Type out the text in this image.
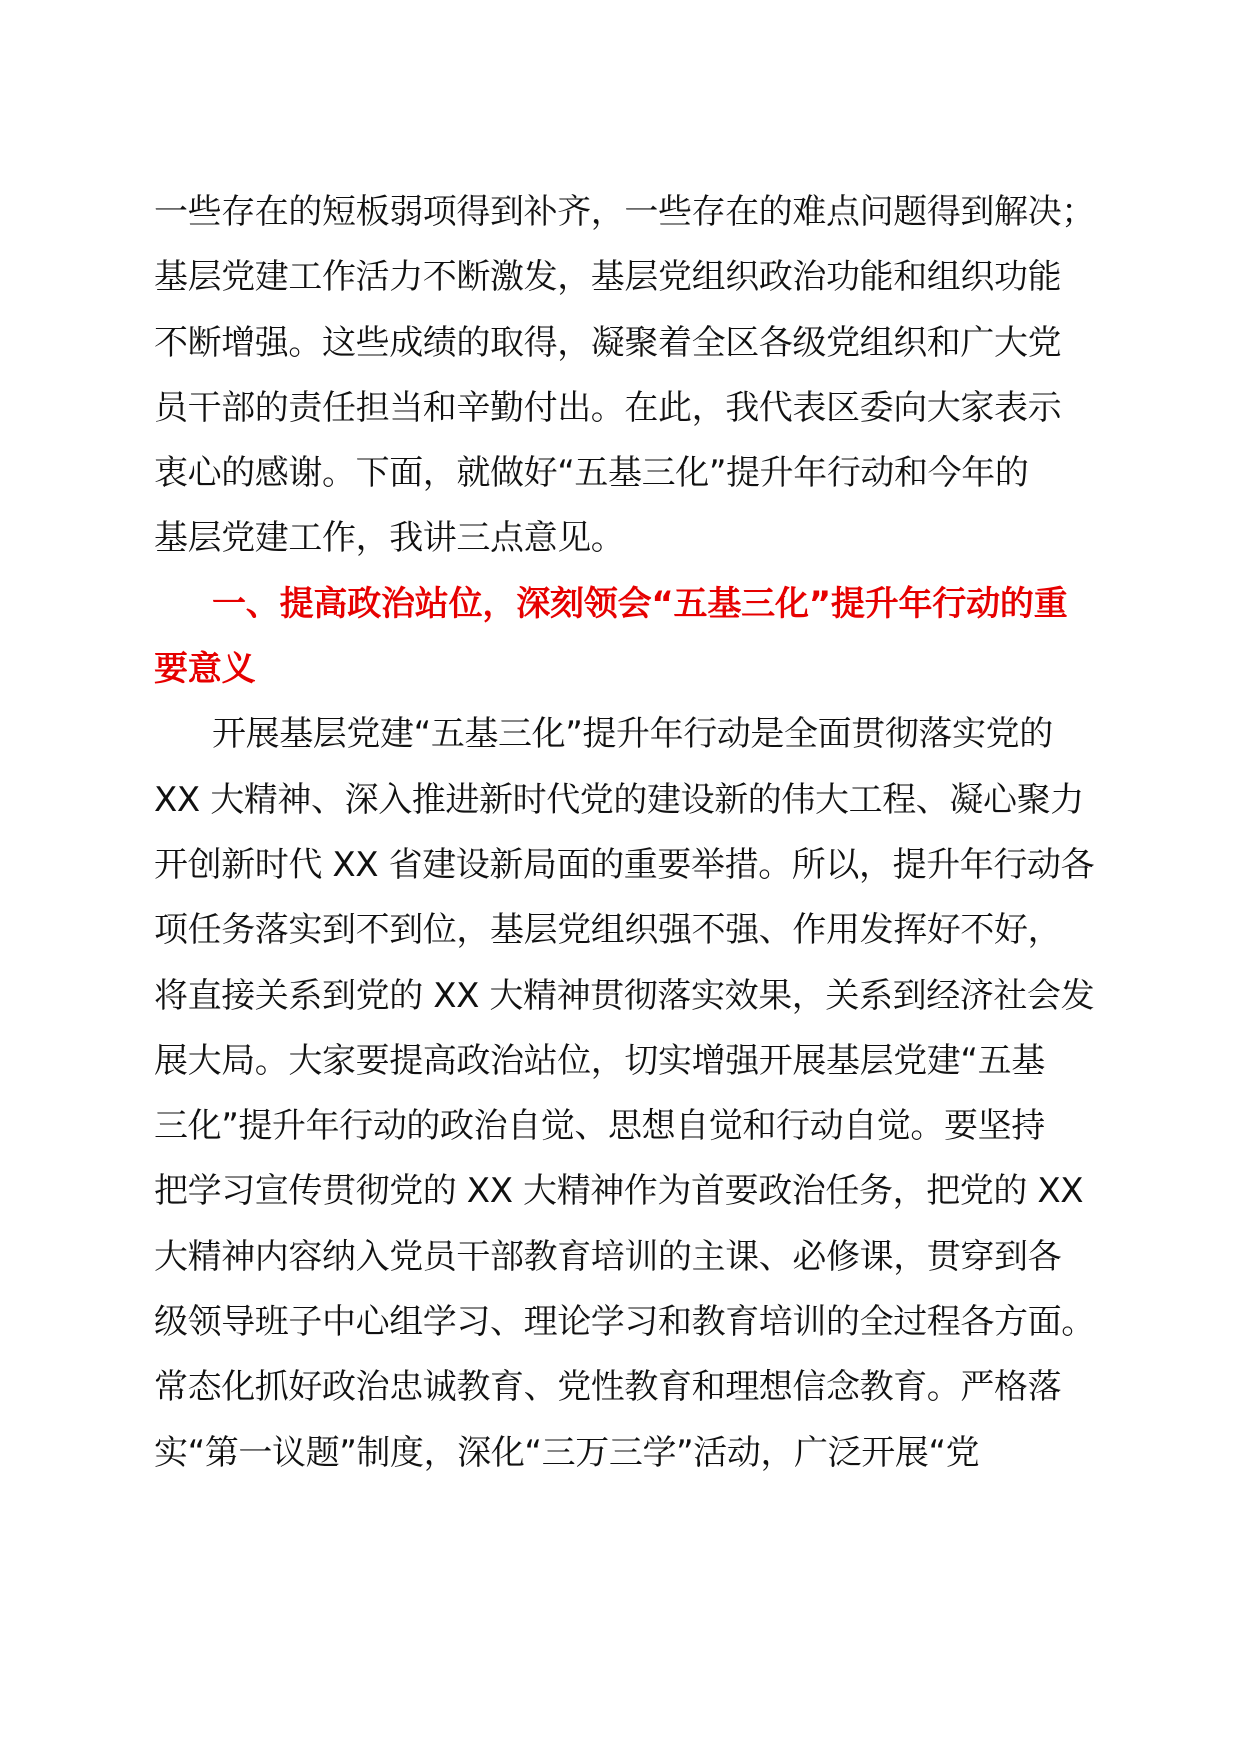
一些存在的短板弱项得到补齐，一些存在的难点问题得到解决；
基层党建工作活力不断激发，基层党组织政治功能和组织功能
不断增强。这些成绩的取得，凝聚着全区各级党组织和广大党
员干部的责任担当和辛勤付出。在此，我代表区委向大家表示
衷心的感谢。下面，就做好“五基三化”提升年行动和今年的
基层党建工作，我讲三点意见。
一、提高政治站位，深刻领会“五基三化”提升年行动的重
要意义
开展基层党建“五基三化”提升年行动是全面贯彻落实党的
XX 大精神、深入推进新时代党的建设新的伟大工程、凝心聚力
开创新时代 XX 省建设新局面的重要举措。所以，提升年行动各
项任务落实到不到位，基层党组织强不强、作用发挥好不好，
将直接关系到党的 XX 大精神贯彻落实效果，关系到经济社会发
展大局。大家要提高政治站位，切实增强开展基层党建“五基
三化”提升年行动的政治自觉、思想自觉和行动自觉。要坚持
把学习宣传贯彻党的 XX 大精神作为首要政治任务，把党的 XX
大精神内容纳入党员干部教育培训的主课、必修课，贯穿到各
级领导班子中心组学习、理论学习和教育培训的全过程各方面。
常态化抓好政治忠诚教育、党性教育和理想信念教育。严格落
实“第一议题”制度，深化“三万三学”活动，广泛开展“党
